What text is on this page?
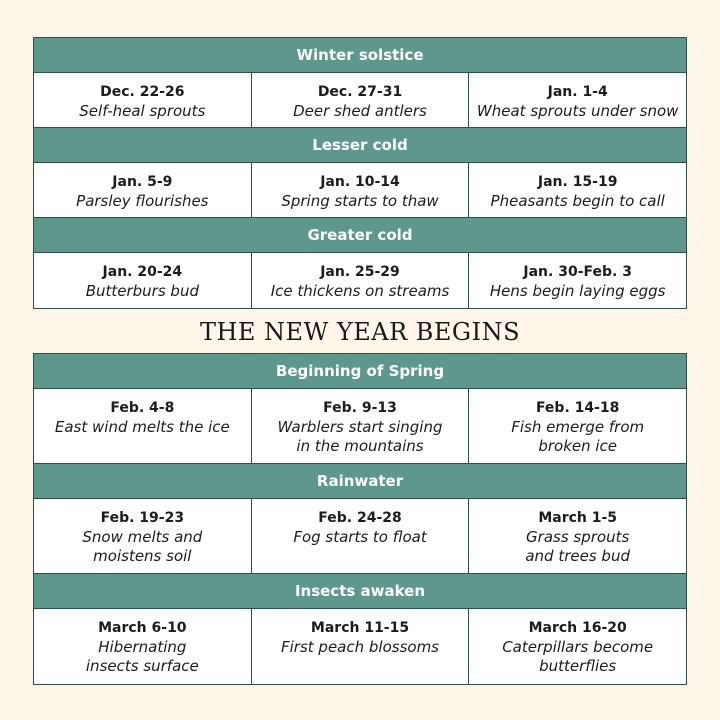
Winter solstice
Dec. 22-26
Self-heal sprouts
Dec. 27-31
Deer shed antlers
Jan. 1-4
Wheat sprouts under snow
Lesser cold
Jan. 5-9
Parsley flourishes
Jan. 10-14
Spring starts to thaw
Jan. 15-19
Pheasants begin to call
Greater cold
Jan. 20-24
Butterburs bud
Jan. 25-29
Ice thickens on streams
Jan. 30-Feb. 3
Hens begin laying eggs
THE NEW YEAR BEGINS
Beginning of Spring
Feb. 4-8
East wind melts the ice
Feb. 9-13
Warblers start singing
in the mountains
Feb. 14-18
Fish emerge from
broken ice
Rainwater
Feb. 19-23
Snow melts and
moistens soil
Feb. 24-28
Fog starts to float
March 1-5
Grass sprouts
and trees bud
Insects awaken
March 6-10
Hibernating
insects surface
March 11-15
First peach blossoms
March 16-20
Caterpillars become
butterflies
